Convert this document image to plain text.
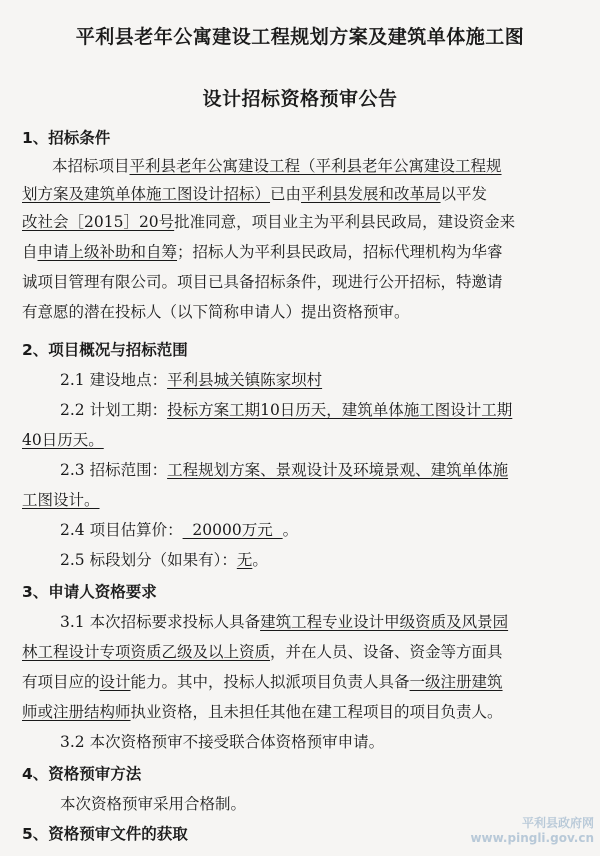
平利县老年公寓建设工程规划方案及建筑单体施工图
设计招标资格预审公告
1、招标条件
本招标项目平利县老年公寓建设工程（平利县老年公寓建设工程规
划方案及建筑单体施工图设计招标）已由平利县发展和改革局以平发
改社会［2015］20号批准同意，项目业主为平利县民政局，建设资金来
自申请上级补助和自筹；招标人为平利县民政局，招标代理机构为华睿
诚项目管理有限公司。项目已具备招标条件，现进行公开招标，特邀请
有意愿的潜在投标人（以下简称申请人）提出资格预审。
2、项目概况与招标范围
2.1 建设地点：平利县城关镇陈家坝村
2.2 计划工期：投标方案工期10日历天，建筑单体施工图设计工期
40日历天。
2.3 招标范围：工程规划方案、景观设计及环境景观、建筑单体施
工图设计。
2.4 项目估算价：  20000万元  。
2.5 标段划分（如果有）：无。
3、申请人资格要求
3.1 本次招标要求投标人具备建筑工程专业设计甲级资质及风景园
林工程设计专项资质乙级及以上资质，并在人员、设备、资金等方面具
有项目应的设计能力。其中，投标人拟派项目负责人具备一级注册建筑
师或注册结构师执业资格，且未担任其他在建工程项目的项目负责人。
3.2 本次资格预审不接受联合体资格预审申请。
4、资格预审方法
本次资格预审采用合格制。
5、资格预审文件的获取
平利县政府网
www.pingli.gov.cn
